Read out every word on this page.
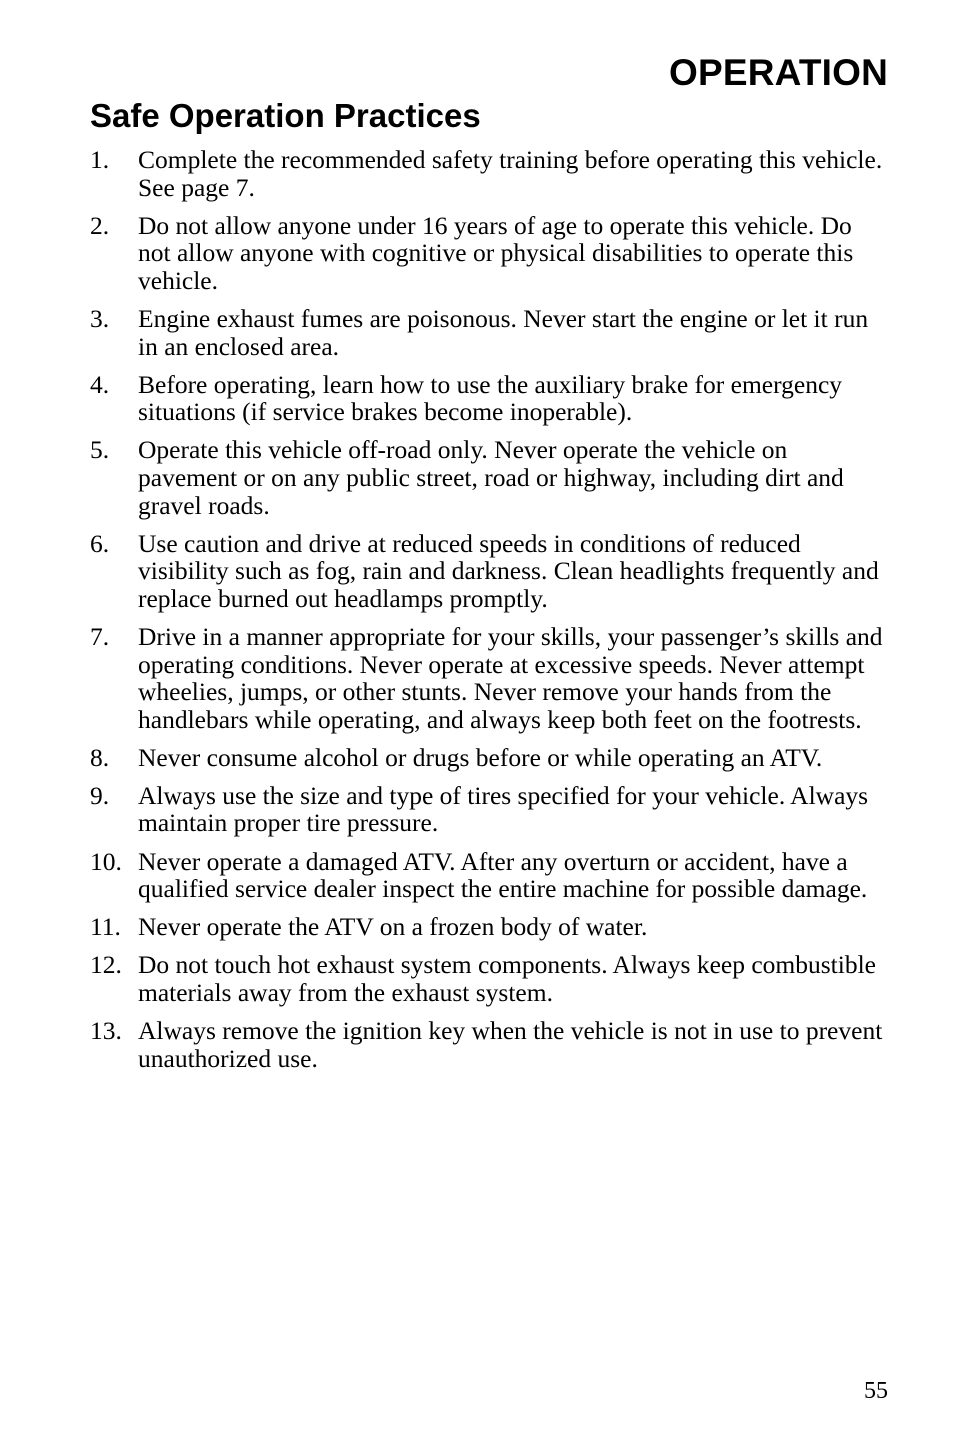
OPERATION
Safe Operation Practices
1. Complete the recommended safety training before operating this vehicle. See page 7.
2. Do not allow anyone under 16 years of age to operate this vehicle. Do not allow anyone with cognitive or physical disabilities to operate this vehicle.
3. Engine exhaust fumes are poisonous. Never start the engine or let it run in an enclosed area.
4. Before operating, learn how to use the auxiliary brake for emergency situations (if service brakes become inoperable).
5. Operate this vehicle off-road only. Never operate the vehicle on pavement or on any public street, road or highway, including dirt and gravel roads.
6. Use caution and drive at reduced speeds in conditions of reduced visibility such as fog, rain and darkness. Clean headlights frequently and replace burned out headlamps promptly.
7. Drive in a manner appropriate for your skills, your passenger’s skills and operating conditions. Never operate at excessive speeds. Never attempt wheelies, jumps, or other stunts. Never remove your hands from the handlebars while operating, and always keep both feet on the footrests.
8. Never consume alcohol or drugs before or while operating an ATV.
9. Always use the size and type of tires specified for your vehicle. Always maintain proper tire pressure.
10. Never operate a damaged ATV. After any overturn or accident, have a qualified service dealer inspect the entire machine for possible damage.
11. Never operate the ATV on a frozen body of water.
12. Do not touch hot exhaust system components. Always keep combustible materials away from the exhaust system.
13. Always remove the ignition key when the vehicle is not in use to prevent unauthorized use.
55
